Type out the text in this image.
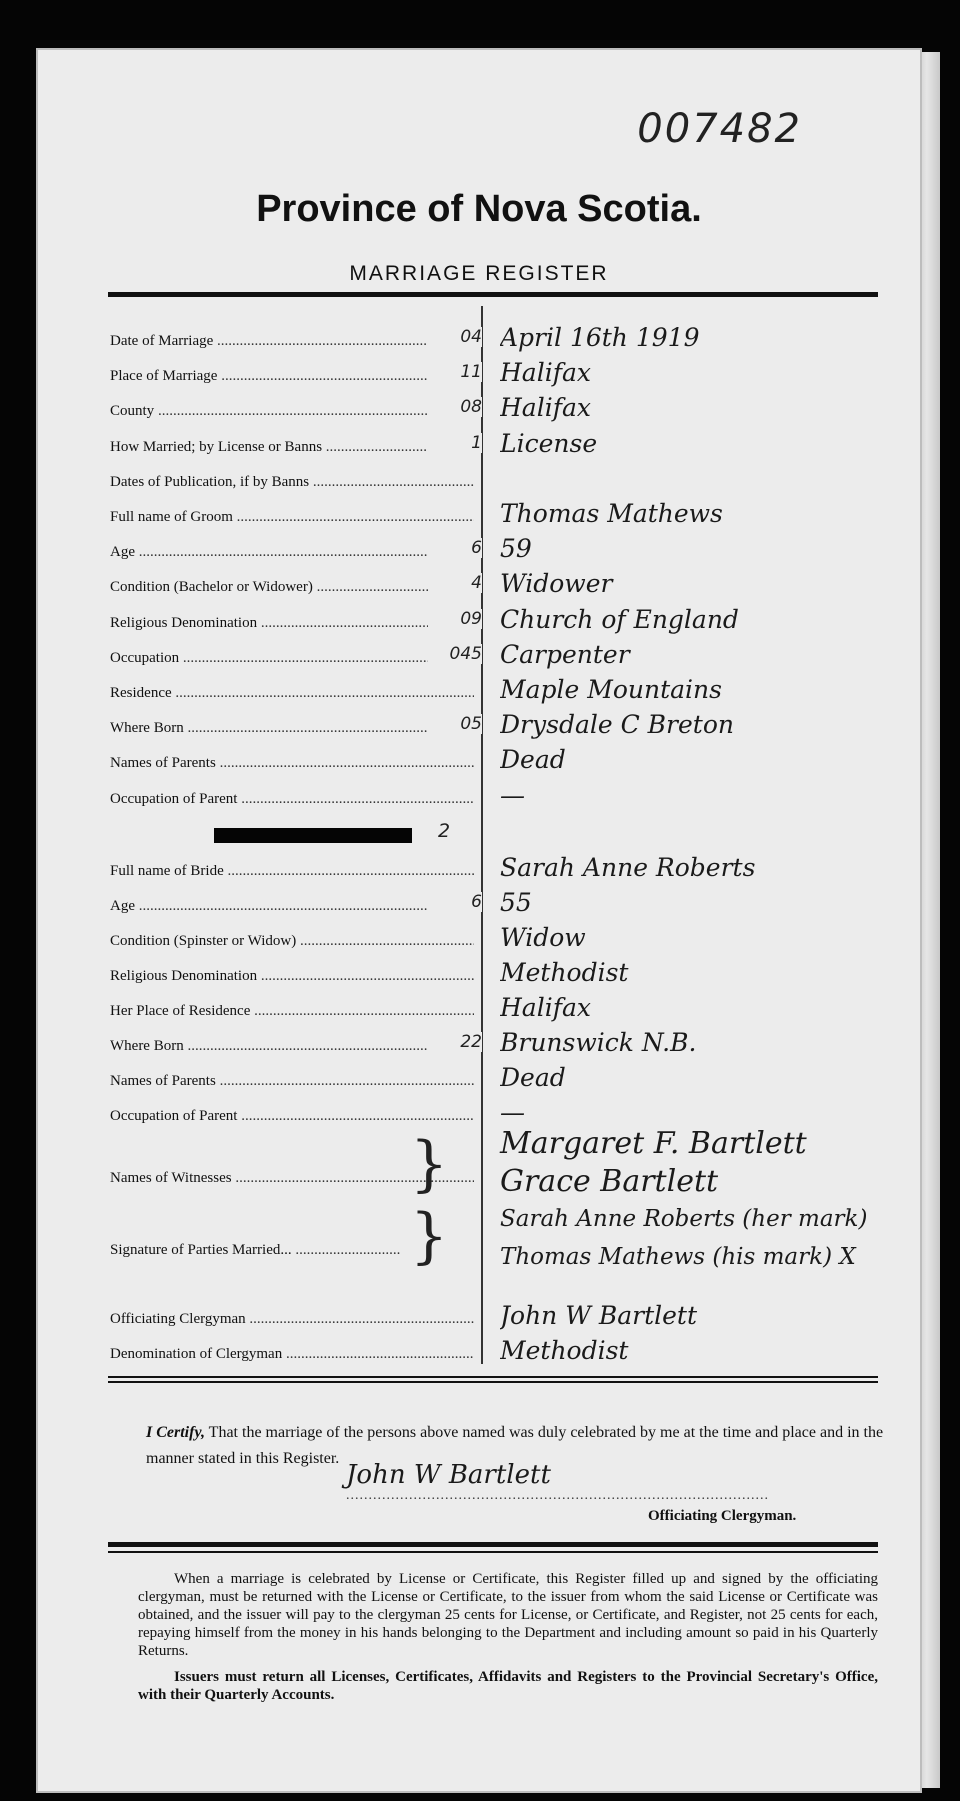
007482
Province of Nova Scotia.
MARRIAGE REGISTER
Date of Marriage .....	04 April 16th 1919
Place of Marriage .....	11 Halifax
County .....	08 Halifax
How Married; by License or Banns .....	1 License
Dates of Publication, if by Banns .....
Full name of Groom .....	Thomas Mathews
Age .....	6 59
Condition (Bachelor or Widower) .....	4 Widower
Religious Denomination .....	09 Church of England
Occupation .....	045 Carpenter
Residence .....	Maple Mountains
Where Born .....	05 Drysdale C Breton
Names of Parents .....	Dead
Occupation of Parent .....	—
2
Full name of Bride .....	Sarah Anne Roberts
Age .....	6 55
Condition (Spinster or Widow) .....	Widow
Religious Denomination .....	Methodist
Her Place of Residence .....	Halifax
Where Born .....	22 Brunswick N.B.
Names of Parents .....	Dead
Occupation of Parent .....	—
Names of Witnesses .....	} Margaret F. Bartlett
Grace Bartlett
Signature of Parties Married... .....	} Sarah Anne Roberts (her mark)
Thomas Mathews (his mark) X
Officiating Clergyman .....	John W Bartlett
Denomination of Clergyman .....	Methodist
I Certify, That the marriage of the persons above named was duly celebrated by me at the time and place and in the manner stated in this Register.
John W Bartlett
..............................................................................................
Officiating Clergyman.

When a marriage is celebrated by License or Certificate, this Register filled up and signed by the officiating clergyman, must be returned with the License or Certificate, to the issuer from whom the said License or Certificate was obtained, and the issuer will pay to the clergyman 25 cents for License, or Certificate, and Register, not 25 cents for each, repaying himself from the money in his hands belonging to the Department and including amount so paid in his Quarterly Returns.

Issuers must return all Licenses, Certificates, Affidavits and Registers to the Provincial Secretary's Office, with their Quarterly Accounts.
